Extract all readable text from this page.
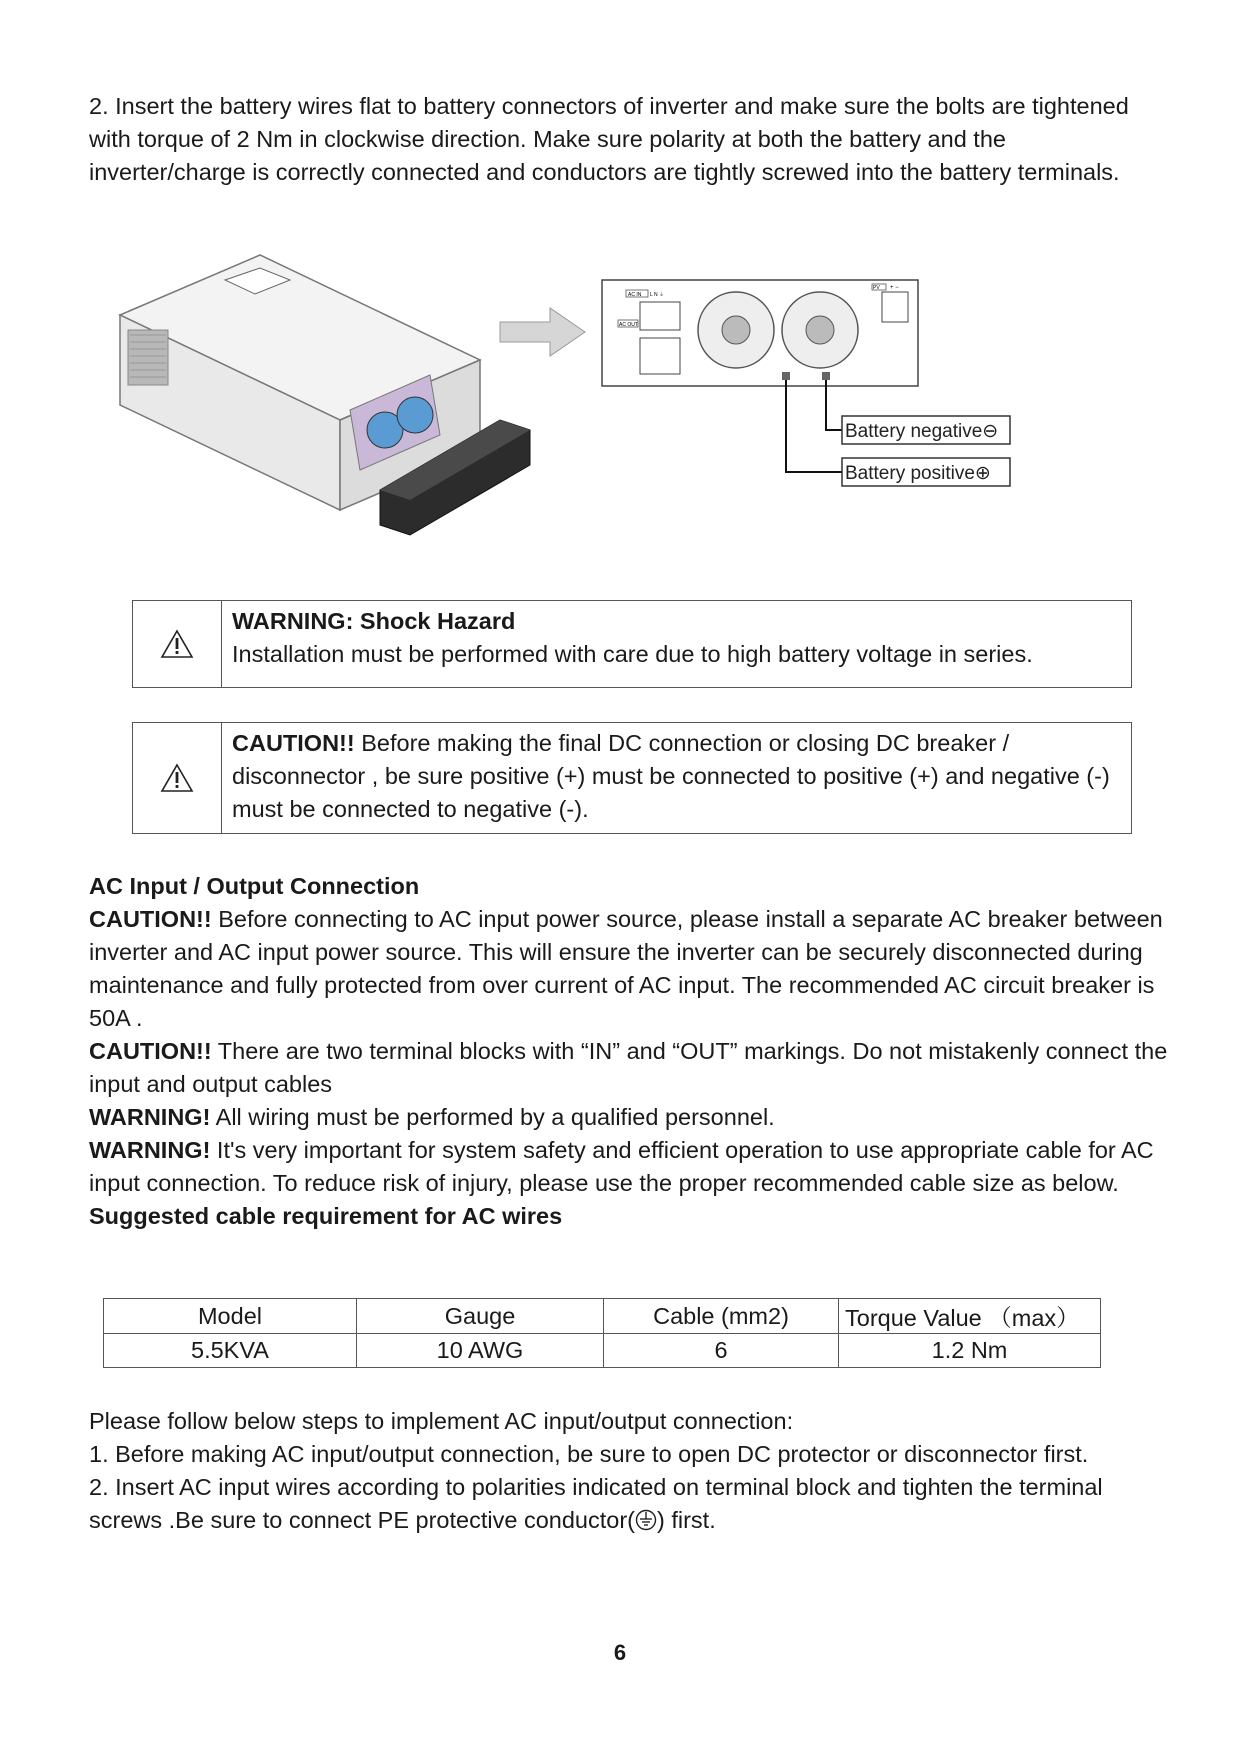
2. Insert the battery wires flat to battery connectors of inverter and make sure the bolts are tightened with torque of 2 Nm in clockwise direction. Make sure polarity at both the battery and the inverter/charge is correctly connected and conductors are tightly screwed into the battery terminals.

AC IN L N ⏚
AC OUT
PV + −
Battery negative⊖
Battery positive⊕
WARNING: Shock Hazard
Installation must be performed with care due to high battery voltage in series.
CAUTION!! Before making the final DC connection or closing DC breaker / disconnector , be sure positive (+) must be connected to positive (+) and negative (-) must be connected to negative (-).

AC Input / Output Connection

CAUTION!! Before connecting to AC input power source, please install a separate AC breaker between inverter and AC input power source. This will ensure the inverter can be securely disconnected during maintenance and fully protected from over current of AC input. The recommended AC circuit breaker is 50A .

CAUTION!! There are two terminal blocks with “IN” and “OUT” markings. Do not mistakenly connect the input and output cables

WARNING! All wiring must be performed by a qualified personnel.

WARNING! It's very important for system safety and efficient operation to use appropriate cable for AC input connection. To reduce risk of injury, please use the proper recommended cable size as below.

Suggested cable requirement for AC wires

Model	Gauge	Cable (mm2)	Torque Value （max）
5.5KVA	10 AWG	6	1.2 Nm

Please follow below steps to implement AC input/output connection:

1. Before making AC input/output connection, be sure to open DC protector or disconnector first.

2. Insert AC input wires according to polarities indicated on terminal block and tighten the terminal screws .Be sure to connect PE protective conductor( ) first.

6
